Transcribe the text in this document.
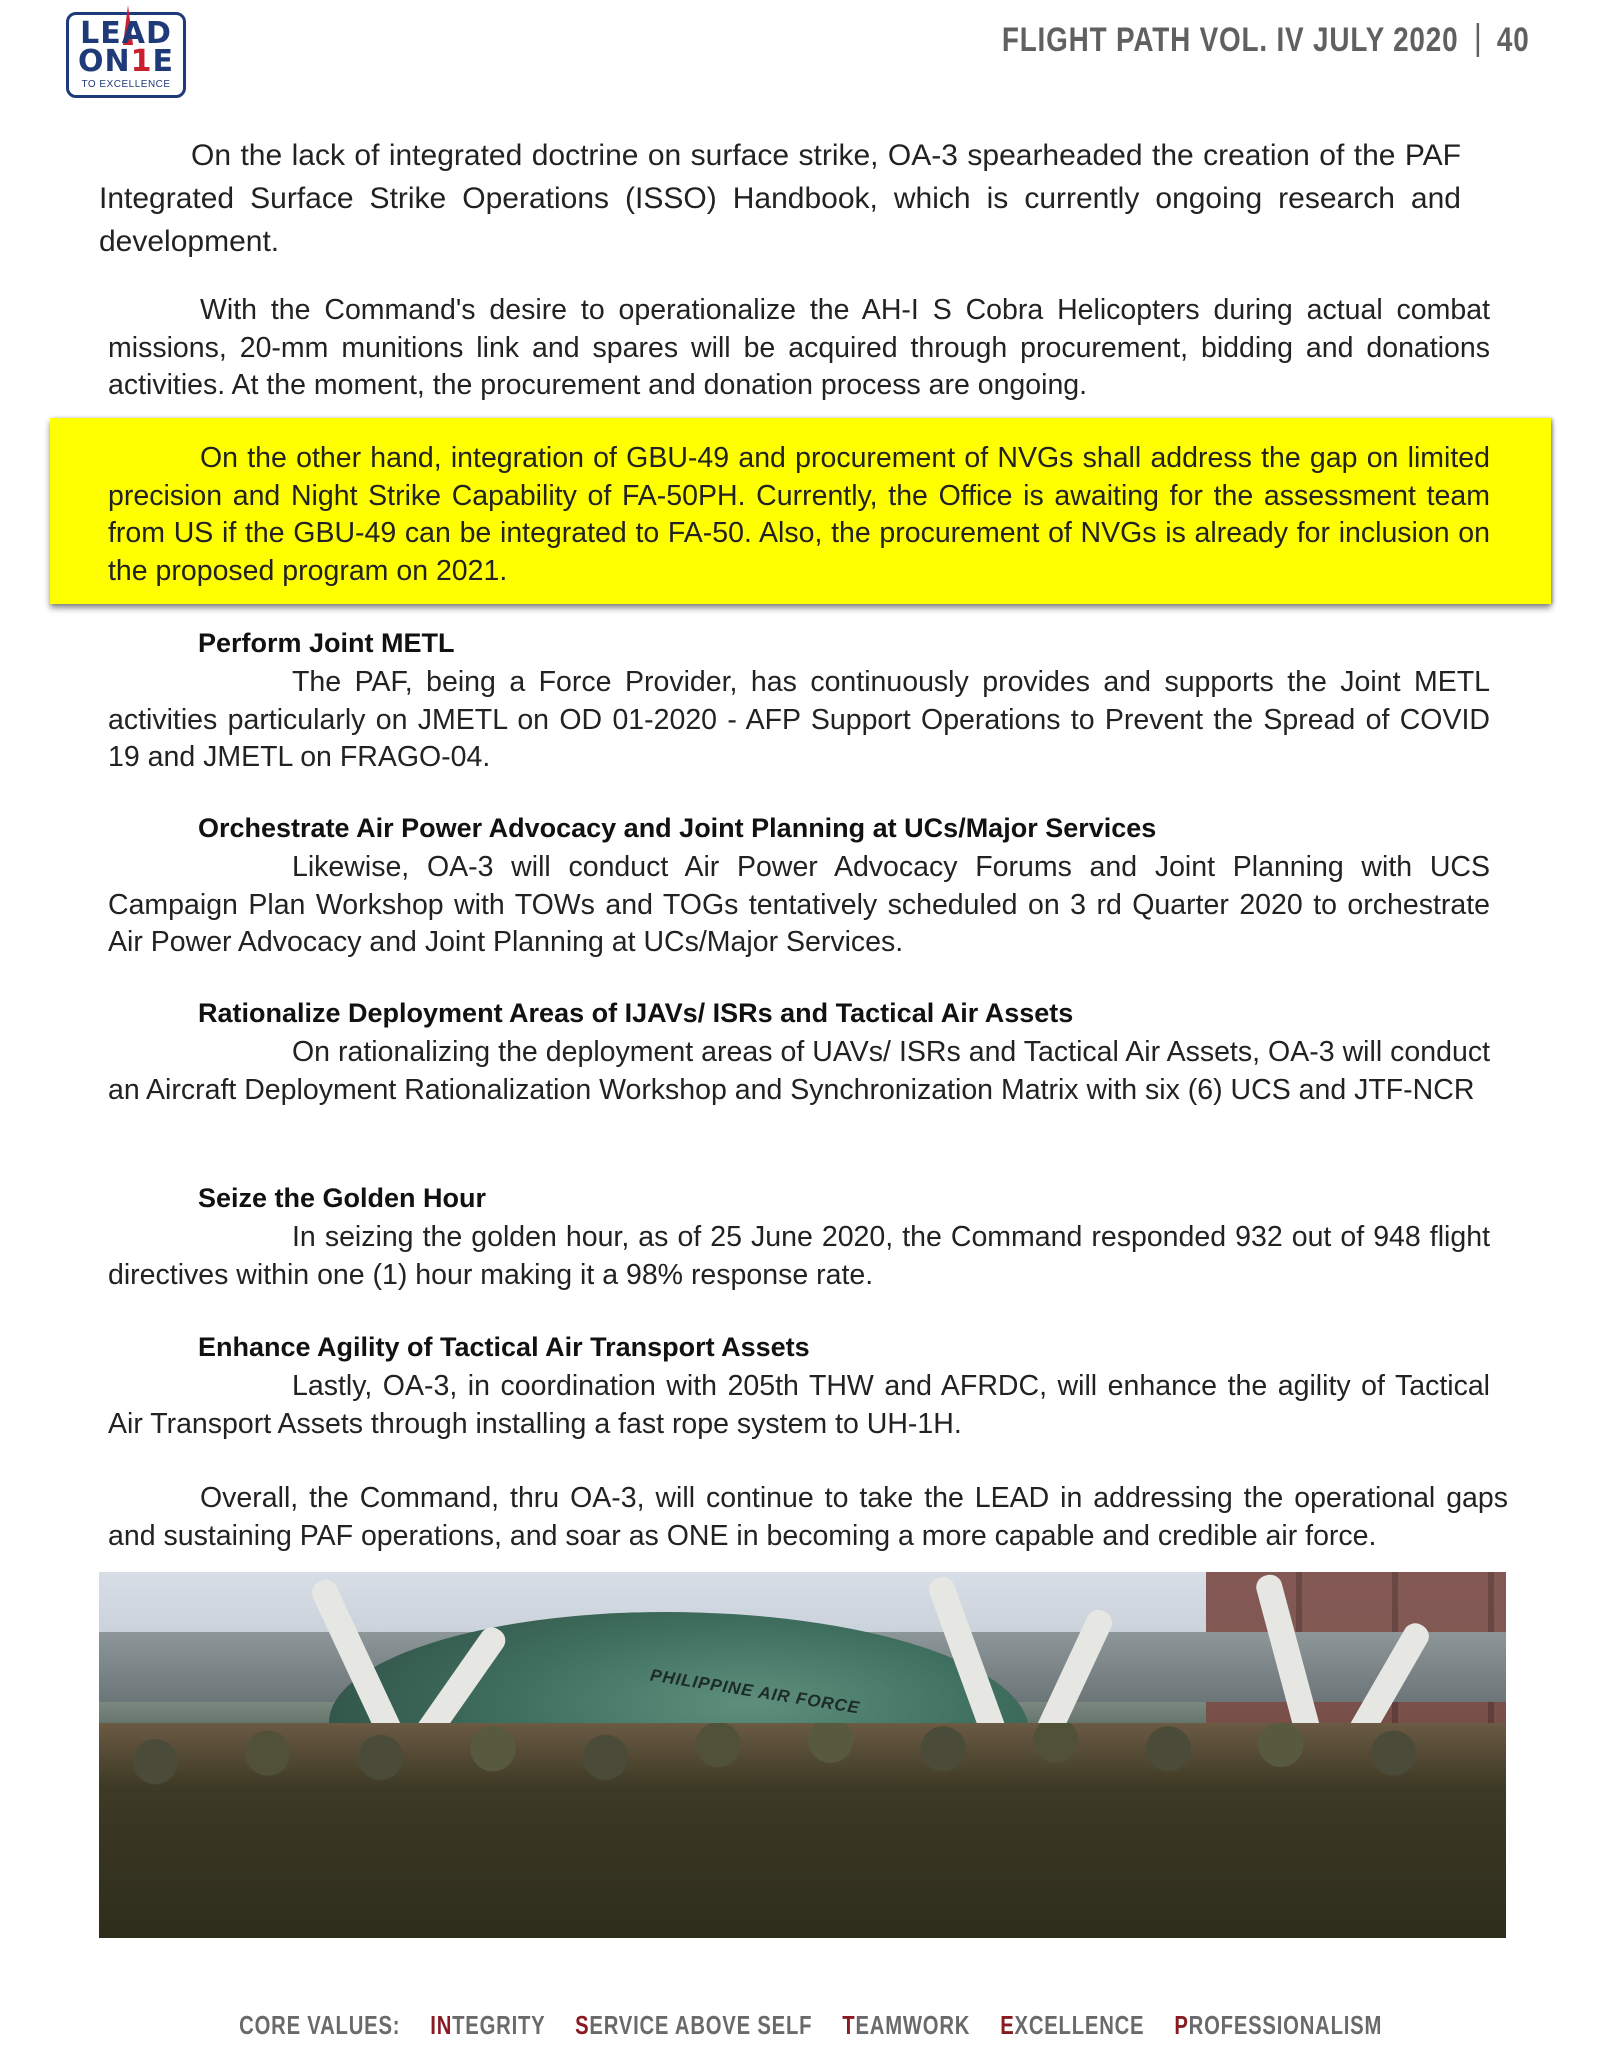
LEAD
ON1E
TO EXCELLENCE
FLIGHT PATH VOL. IV JULY 2020 40

On the lack of integrated doctrine on surface strike, OA-3 spearheaded the creation of the PAF Integrated Surface Strike Operations (ISSO) Handbook, which is currently ongoing research and development.

With the Command's desire to operationalize the AH-I S Cobra Helicopters during actual combat missions, 20-mm munitions link and spares will be acquired through procurement, bidding and donations activities. At the moment, the procurement and donation process are ongoing.

On the other hand, integration of GBU-49 and procurement of NVGs shall address the gap on limited precision and Night Strike Capability of FA-50PH. Currently, the Office is awaiting for the assessment team from US if the GBU-49 can be integrated to FA-50. Also, the procurement of NVGs is already for inclusion on the proposed program on 2021.

Perform Joint METL

The PAF, being a Force Provider, has continuously provides and supports the Joint METL activities particularly on JMETL on OD 01-2020 - AFP Support Operations to Prevent the Spread of COVID 19 and JMETL on FRAGO-04.

Orchestrate Air Power Advocacy and Joint Planning at UCs/Major Services

Likewise, OA-3 will conduct Air Power Advocacy Forums and Joint Planning with UCS Campaign Plan Workshop with TOWs and TOGs tentatively scheduled on 3 rd Quarter 2020 to orchestrate Air Power Advocacy and Joint Planning at UCs/Major Services.

Rationalize Deployment Areas of IJAVs/ ISRs and Tactical Air Assets

On rationalizing the deployment areas of UAVs/ ISRs and Tactical Air Assets, OA-3 will conduct an Aircraft Deployment Rationalization Workshop and Synchronization Matrix with six (6) UCS and JTF-NCR

Seize the Golden Hour

In seizing the golden hour, as of 25 June 2020, the Command responded 932 out of 948 flight directives within one (1) hour making it a 98% response rate.

Enhance Agility of Tactical Air Transport Assets

Lastly, OA-3, in coordination with 205th THW and AFRDC, will enhance the agility of Tactical Air Transport Assets through installing a fast rope system to UH-1H.

Overall, the Command, thru OA-3, will continue to take the LEAD in addressing the operational gaps and sustaining PAF operations, and soar as ONE in becoming a more capable and credible air force.

PHILIPPINE AIR FORCE
CORE VALUES: INTEGRITY SERVICE ABOVE SELF TEAMWORK EXCELLENCE PROFESSIONALISM
